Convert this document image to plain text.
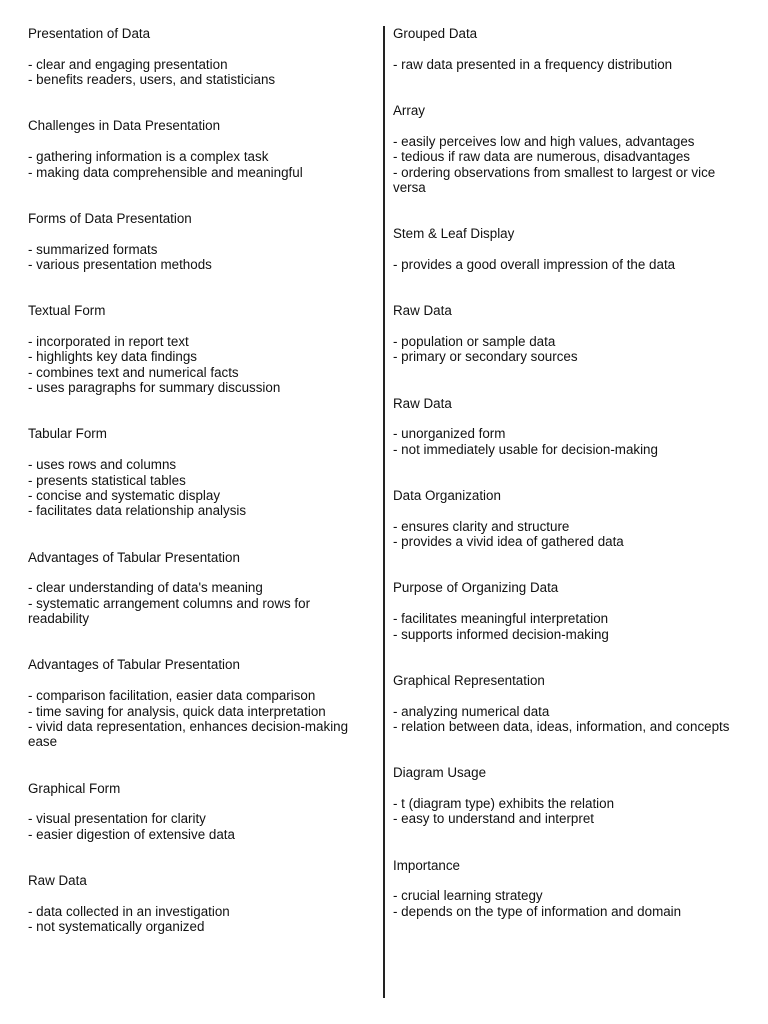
Presentation of Data
- clear and engaging presentation
- benefits readers, users, and statisticians
Challenges in Data Presentation
- gathering information is a complex task
- making data comprehensible and meaningful
Forms of Data Presentation
- summarized formats
- various presentation methods
Textual Form
- incorporated in report text
- highlights key data findings
- combines text and numerical facts
- uses paragraphs for summary discussion
Tabular Form
- uses rows and columns
- presents statistical tables
- concise and systematic display
- facilitates data relationship analysis
Advantages of Tabular Presentation
- clear understanding of data's meaning
- systematic arrangement columns and rows for readability
Advantages of Tabular Presentation
- comparison facilitation, easier data comparison
- time saving for analysis, quick data interpretation
- vivid data representation, enhances decision-making ease
Graphical Form
- visual presentation for clarity
- easier digestion of extensive data
Raw Data
- data collected in an investigation
- not systematically organized
Grouped Data
- raw data presented in a frequency distribution
Array
- easily perceives low and high values, advantages
- tedious if raw data are numerous, disadvantages
- ordering observations from smallest to largest or vice versa
Stem & Leaf Display
- provides a good overall impression of the data
Raw Data
- population or sample data
- primary or secondary sources
Raw Data
- unorganized form
- not immediately usable for decision-making
Data Organization
- ensures clarity and structure
- provides a vivid idea of gathered data
Purpose of Organizing Data
- facilitates meaningful interpretation
- supports informed decision-making
Graphical Representation
- analyzing numerical data
- relation between data, ideas, information, and concepts
Diagram Usage
- t (diagram type) exhibits the relation
- easy to understand and interpret
Importance
- crucial learning strategy
- depends on the type of information and domain
